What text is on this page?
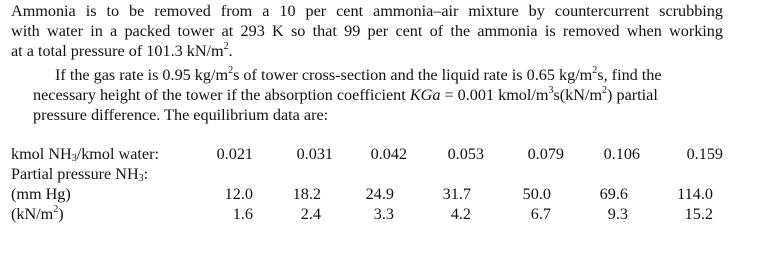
Ammonia is to be removed from a 10 per cent ammonia–air mixture by countercurrent scrubbing
with water in a packed tower at 293 K so that 99 per cent of the ammonia is removed when working
at a total pressure of 101.3 $kN/m^2$.
If the gas rate is 0.95 $kg/m^2s$ of tower cross-section and the liquid rate is 0.65 $kg/m^2s$, find the
necessary height of the tower if the absorption coefficient KGa = 0.001 kmol/$m^3s(kN/m^2)$ partial
pressure difference. The equilibrium data are:
kmol $NH_3$/kmol water:	0.021	0.031	0.042	0.053	0.079	0.106	0.159
Partial pressure $NH_3$:
(mm Hg)	12.0	18.2	24.9	31.7	50.0	69.6	114.0
$(kN/m^2)$	1.6	2.4	3.3	4.2	6.7	9.3	15.2
